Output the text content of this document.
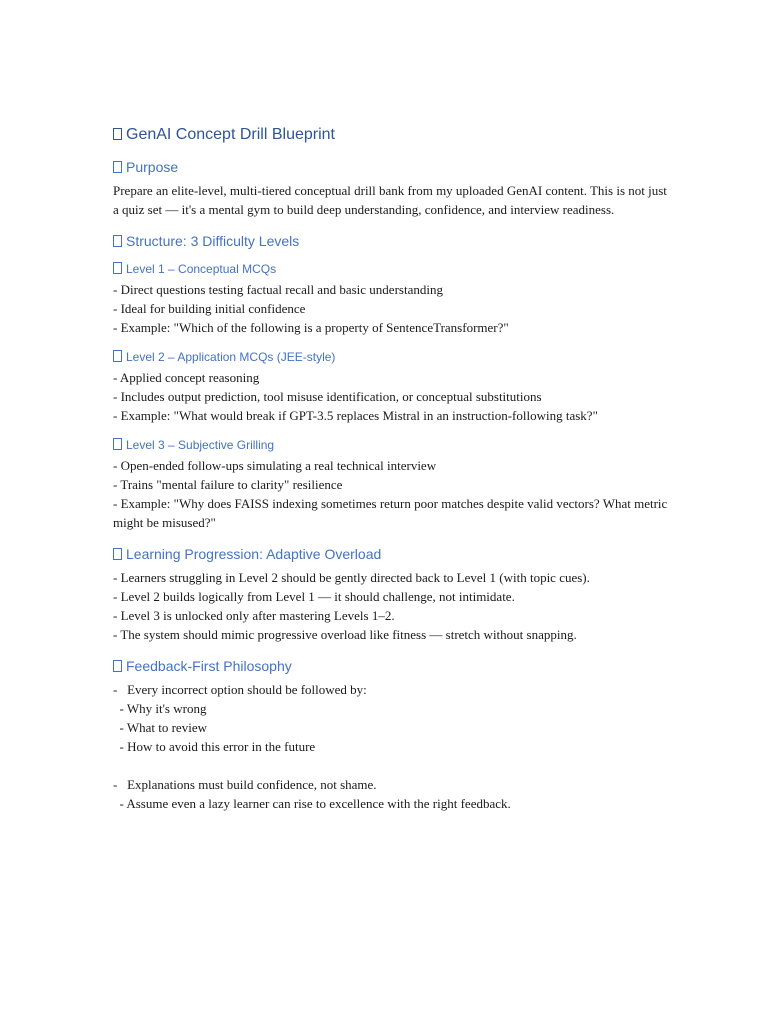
GenAI Concept Drill Blueprint
Purpose

Prepare an elite-level, multi-tiered conceptual drill bank from my uploaded GenAI content. This is not just a quiz set — it's a mental gym to build deep understanding, confidence, and interview readiness.

Structure: 3 Difficulty Levels
Level 1 – Conceptual MCQs

- Direct questions testing factual recall and basic understanding

- Ideal for building initial confidence

- Example: "Which of the following is a property of SentenceTransformer?"

Level 2 – Application MCQs (JEE-style)

- Applied concept reasoning

- Includes output prediction, tool misuse identification, or conceptual substitutions

- Example: "What would break if GPT-3.5 replaces Mistral in an instruction-following task?"

Level 3 – Subjective Grilling

- Open-ended follow-ups simulating a real technical interview

- Trains "mental failure to clarity" resilience

- Example: "Why does FAISS indexing sometimes return poor matches despite valid vectors? What metric might be misused?"

Learning Progression: Adaptive Overload

- Learners struggling in Level 2 should be gently directed back to Level 1 (with topic cues).

- Level 2 builds logically from Level 1 — it should challenge, not intimidate.

- Level 3 is unlocked only after mastering Levels 1–2.

- The system should mimic progressive overload like fitness — stretch without snapping.

Feedback-First Philosophy

-   Every incorrect option should be followed by:

- Why it's wrong

- What to review

- How to avoid this error in the future

-   Explanations must build confidence, not shame.

- Assume even a lazy learner can rise to excellence with the right feedback.
